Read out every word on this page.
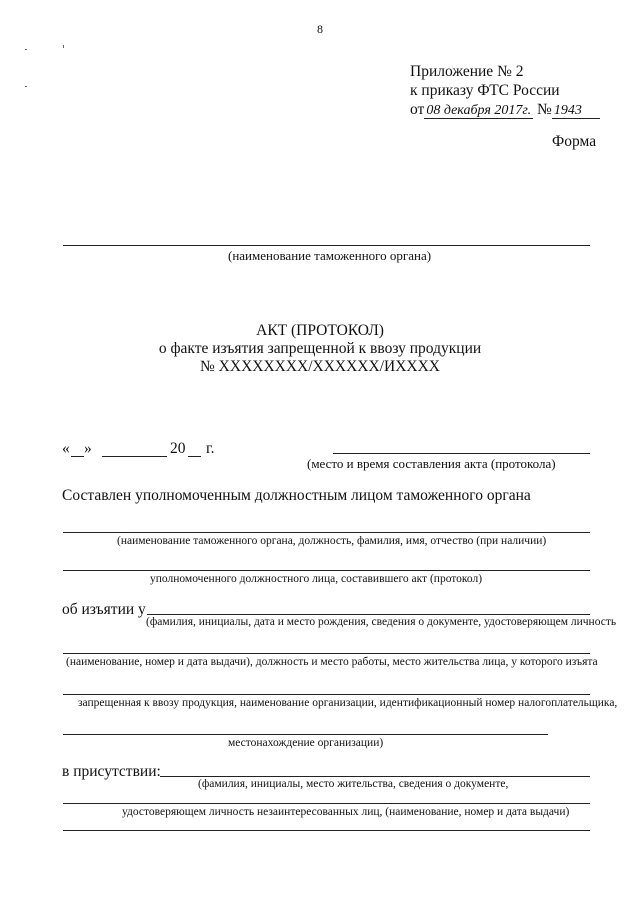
8
Приложение № 2
к приказу ФТС России
от 08 декабря 2017г. № 1943
Форма
(наименование таможенного органа)
АКТ (ПРОТОКОЛ)
о факте изъятия запрещенной к ввозу продукции
№ XXXXXXXX/XXXXXX/ИXXXX
« »	20 г.
(место и время составления акта (протокола)
Составлен уполномоченным должностным лицом таможенного органа
(наименование таможенного органа, должность, фамилия, имя, отчество (при наличии)
уполномоченного должностного лица, составившего акт (протокол)
об изъятии у
(фамилия, инициалы, дата и место рождения, сведения о документе, удостоверяющем личность
(наименование, номер и дата выдачи), должность и место работы, место жительства лица, у которого изъята
запрещенная к ввозу продукция, наименование организации, идентификационный номер налогоплательщика,
местонахождение организации)
в присутствии:
(фамилия, инициалы, место жительства, сведения о документе,
удостоверяющем личность незаинтересованных лиц, (наименование, номер и дата выдачи)
